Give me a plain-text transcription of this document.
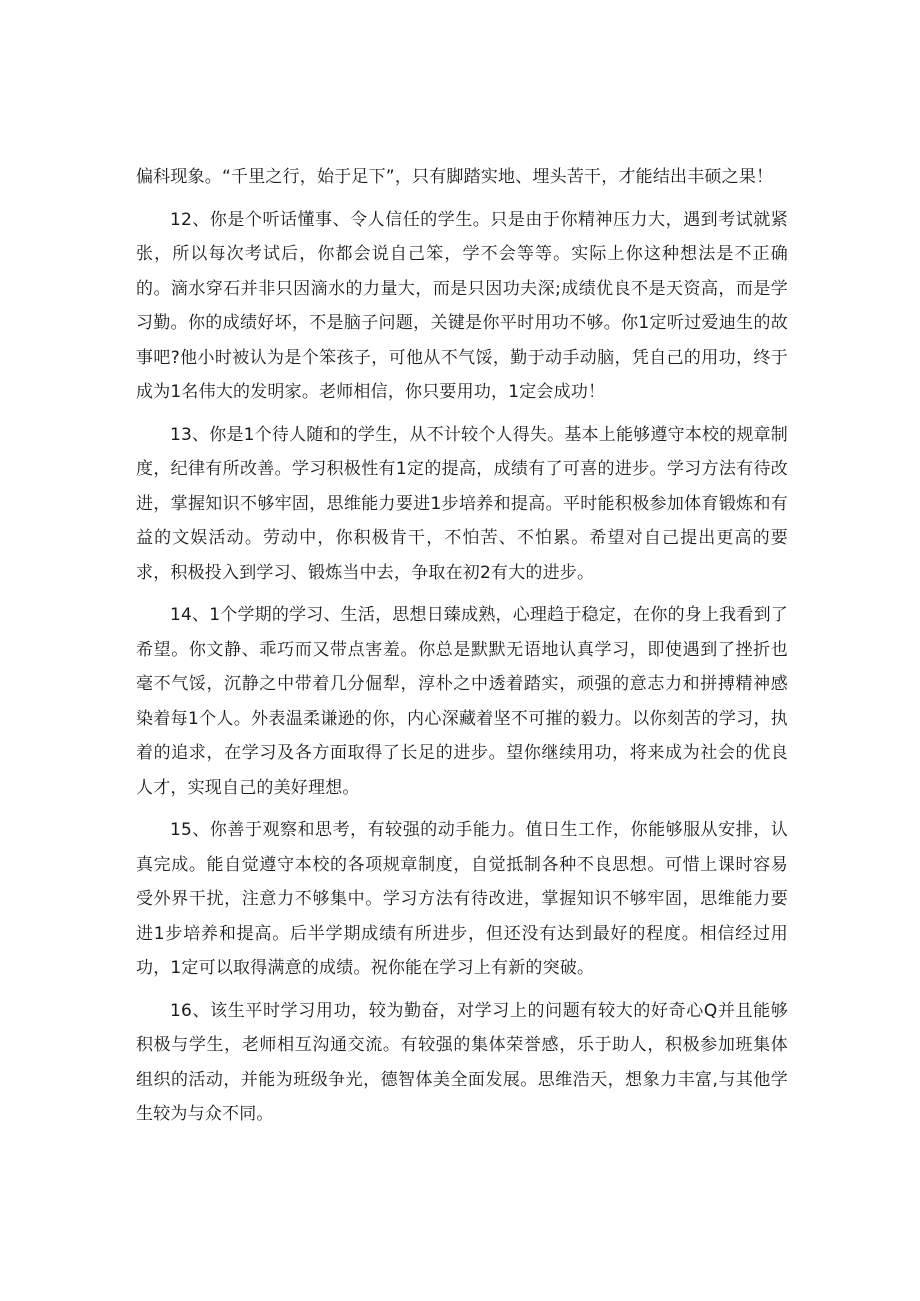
偏科现象。“千里之行，始于足下”，只有脚踏实地、埋头苦干，才能结出丰硕之果！

12、你是个听话懂事、令人信任的学生。只是由于你精神压力大，遇到考试就紧张，所以每次考试后，你都会说自己笨，学不会等等。实际上你这种想法是不正确的。滴水穿石并非只因滴水的力量大，而是只因功夫深;成绩优良不是天资高，而是学习勤。你的成绩好坏，不是脑子问题，关键是你平时用功不够。你1定听过爱迪生的故事吧?他小时被认为是个笨孩子，可他从不气馁，勤于动手动脑，凭自己的用功，终于成为1名伟大的发明家。老师相信，你只要用功，1定会成功！

13、你是1个待人随和的学生，从不计较个人得失。基本上能够遵守本校的规章制度，纪律有所改善。学习积极性有1定的提高，成绩有了可喜的进步。学习方法有待改进，掌握知识不够牢固，思维能力要进1步培养和提高。平时能积极参加体育锻炼和有益的文娱活动。劳动中，你积极肯干，不怕苦、不怕累。希望对自己提出更高的要求，积极投入到学习、锻炼当中去，争取在初2有大的进步。

14、1个学期的学习、生活，思想日臻成熟，心理趋于稳定，在你的身上我看到了希望。你文静、乖巧而又带点害羞。你总是默默无语地认真学习，即使遇到了挫折也毫不气馁，沉静之中带着几分倔犁，淳朴之中透着踏实，顽强的意志力和拼搏精神感染着每1个人。外表温柔谦逊的你，内心深藏着坚不可摧的毅力。以你刻苦的学习，执着的追求，在学习及各方面取得了长足的进步。望你继续用功，将来成为社会的优良人才，实现自己的美好理想。

15、你善于观察和思考，有较强的动手能力。值日生工作，你能够服从安排，认真完成。能自觉遵守本校的各项规章制度，自觉抵制各种不良思想。可惜上课时容易受外界干扰，注意力不够集中。学习方法有待改进，掌握知识不够牢固，思维能力要进1步培养和提高。后半学期成绩有所进步，但还没有达到最好的程度。相信经过用功，1定可以取得满意的成绩。祝你能在学习上有新的突破。

16、该生平时学习用功，较为勤奋，对学习上的问题有较大的好奇心Q并且能够积极与学生，老师相互沟通交流。有较强的集体荣誉感，乐于助人，积极参加班集体组织的活动，并能为班级争光，德智体美全面发展。思维浩天，想象力丰富,与其他学生较为与众不同。
